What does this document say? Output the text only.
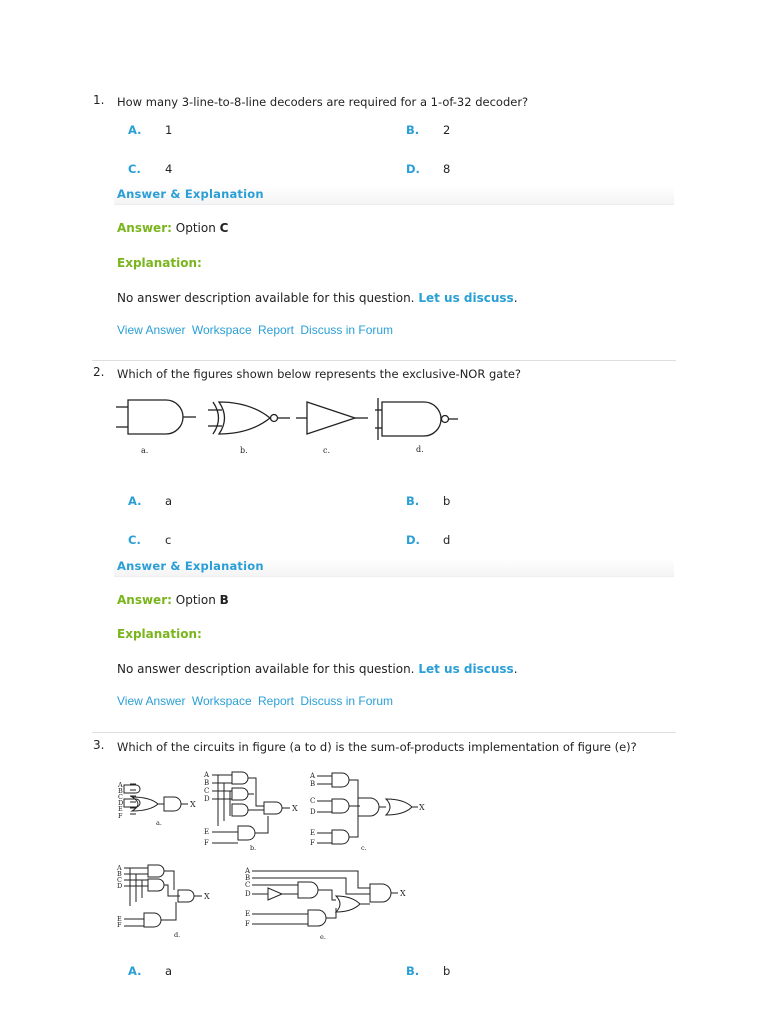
1. How many 3-line-to-8-line decoders are required for a 1-of-32 decoder?
A. 1	B. 2
C. 4	D. 8
Answer & Explanation
Answer: Option C
Explanation:
No answer description available for this question. Let us discuss.
View Answer Workspace Report Discuss in Forum
2. Which of the figures shown below represents the exclusive-NOR gate?
a.	b.	c.	d.
A. a	B. b
C. c	D. d
Answer & Explanation
Answer: Option B
Explanation:
No answer description available for this question. Let us discuss.
View Answer Workspace Report Discuss in Forum
3. Which of the circuits in figure (a to d) is the sum-of-products implementation of figure (e)?
A
B
C
D
E
F
X
a.
A
B
C
D
E
F
X
b.
A
B
C
D
E
F
X
c.
A
B
C
D
E
F
X
d.
A
B
C
D
E
F
X
e.
A. a	B. b
